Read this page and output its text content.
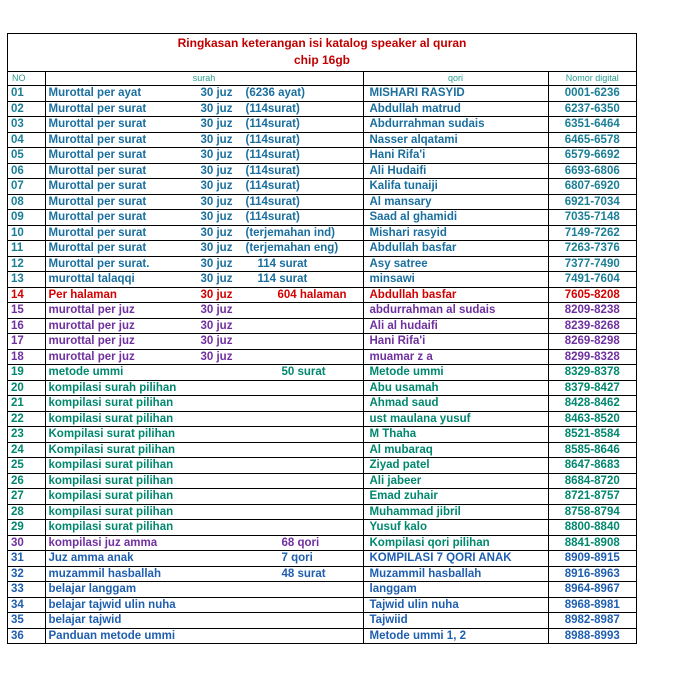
Ringkasan keterangan isi katalog speaker al quran
chip 16gb
NO	surah	qori	Nomor digital
01	Murottal per ayat 30 juz (6236 ayat)	MISHARI RASYID	0001-6236
02	Murottal per surat 30 juz (114surat)	Abdullah matrud	6237-6350
03	Murottal per surat 30 juz (114surat)	Abdurrahman sudais	6351-6464
04	Murottal per surat 30 juz (114surat)	Nasser alqatami	6465-6578
05	Murottal per surat 30 juz (114surat)	Hani Rifa'i	6579-6692
06	Murottal per surat 30 juz (114surat)	Ali Hudaifi	6693-6806
07	Murottal per surat 30 juz (114surat)	Kalifa tunaiji	6807-6920
08	Murottal per surat 30 juz (114surat)	Al mansary	6921-7034
09	Murottal per surat 30 juz (114surat)	Saad al ghamidi	7035-7148
10	Murottal per surat 30 juz (terjemahan ind)	Mishari rasyid	7149-7262
11	Murottal per surat 30 juz (terjemahan eng)	Abdullah basfar	7263-7376
12	Murottal per surat. 30 juz 114 surat	Asy satree	7377-7490
13	murottal talaqqi 30 juz 114 surat	minsawi	7491-7604
14	Per halaman 30 juz 604 halaman	Abdullah basfar	7605-8208
15	murottal per juz 30 juz	abdurrahman al sudais	8209-8238
16	murottal per juz 30 juz	Ali al hudaifi	8239-8268
17	murottal per juz 30 juz	Hani Rifa'i	8269-8298
18	murottal per juz 30 juz	muamar z a	8299-8328
19	metode ummi 50 surat	Metode ummi	8329-8378
20	kompilasi surah pilihan	Abu usamah	8379-8427
21	kompilasi surat pilihan	Ahmad saud	8428-8462
22	kompilasi surat pilihan	ust maulana yusuf	8463-8520
23	Kompilasi surat pilihan	M Thaha	8521-8584
24	Kompilasi surat pilihan	Al mubaraq	8585-8646
25	kompilasi surat pilihan	Ziyad patel	8647-8683
26	kompilasi surat pilihan	Ali jabeer	8684-8720
27	kompilasi surat pilihan	Emad zuhair	8721-8757
28	kompilasi surat pilihan	Muhammad jibril	8758-8794
29	kompilasi surat pilihan	Yusuf kalo	8800-8840
30	kompilasi juz amma 68 qori	Kompilasi qori pilihan	8841-8908
31	Juz amma anak 7 qori	KOMPILASI 7 QORI ANAK	8909-8915
32	muzammil hasballah 48 surat	Muzammil hasballah	8916-8963
33	belajar langgam	langgam	8964-8967
34	belajar tajwid ulin nuha	Tajwid ulin nuha	8968-8981
35	belajar tajwid	Tajwiid	8982-8987
36	Panduan metode ummi	Metode ummi 1, 2	8988-8993
